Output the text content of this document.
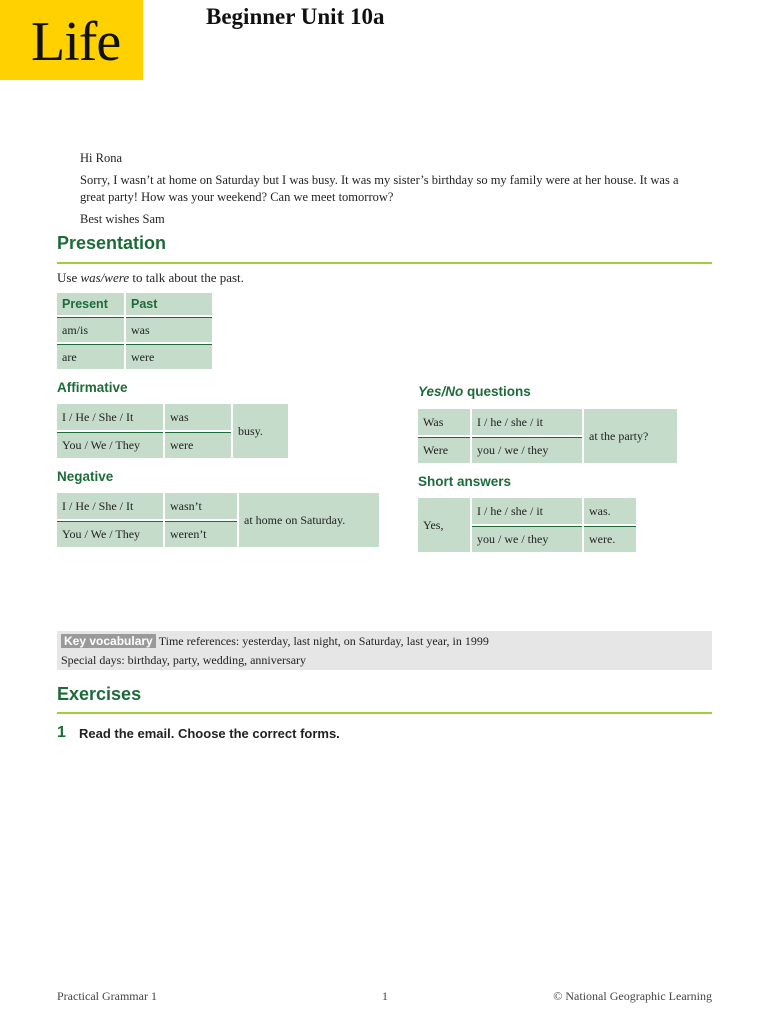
Life	Beginner Unit 10a

Hi Rona

Sorry, I wasn’t at home on Saturday but I was busy. It was my sister’s birthday so my family were at her house. It was a great party! How was your weekend? Can we meet tomorrow?

Best wishes Sam

Presentation
Use was/were to talk about the past.
Present	Past
am/is	was
are	were
Affirmative
I / He / She / It	was	busy.
You / We / They	were	
Negative
I / He / She / It	wasn’t	at home on Saturday.
You / We / They	weren’t	
Yes/No questions
Was	I / he / she / it	at the party?
Were	you / we / they	
Short answers
Yes,	I / he / she / it	was.
	you / we / they	were.
Key vocabulary Time references: yesterday, last night, on Saturday, last year, in 1999
Special days: birthday, party, wedding, anniversary
Exercises
1 Read the email. Choose the correct forms.
Practical Grammar 1	1	© National Geographic Learning
